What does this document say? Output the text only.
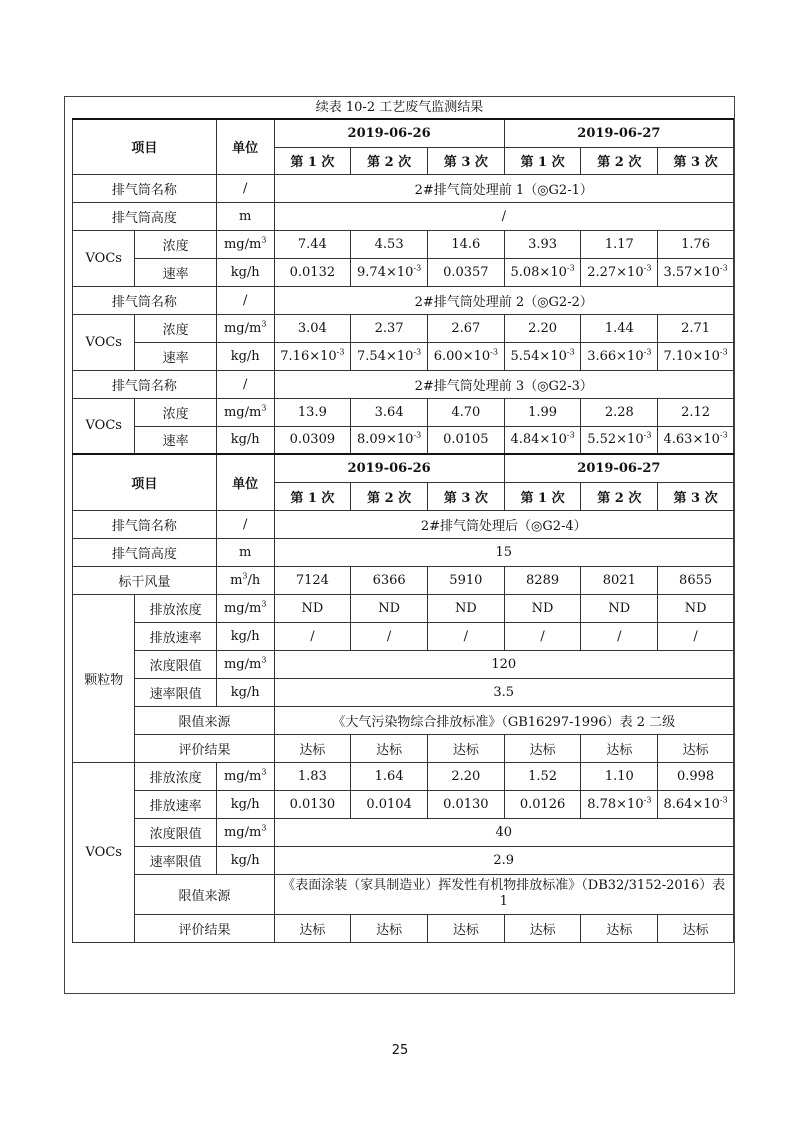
续表 10-2 工艺废气监测结果
项目		单位	2019-06-26			2019-06-27		
			第 1 次	第 2 次	第 3 次	第 1 次	第 2 次	第 3 次
排气筒名称		/	2#排气筒处理前 1（◎G2-1）					
排气筒高度		m	/					
VOCs	浓度	$mg/m^3$	7.44	4.53	14.6	3.93	1.17	1.76
	速率	kg/h	0.0132	$9.74\times 10^{-3}$	0.0357	$5.08\times 10^{-3}$	$2.27\times 10^{-3}$	$3.57\times 10^{-3}$
排气筒名称		/	2#排气筒处理前 2（◎G2-2）					
VOCs	浓度	$mg/m^3$	3.04	2.37	2.67	2.20	1.44	2.71
	速率	kg/h	$7.16\times 10^{-3}$	$7.54\times 10^{-3}$	$6.00\times 10^{-3}$	$5.54\times 10^{-3}$	$3.66\times 10^{-3}$	$7.10\times 10^{-3}$
排气筒名称		/	2#排气筒处理前 3（◎G2-3）					
VOCs	浓度	$mg/m^3$	13.9	3.64	4.70	1.99	2.28	2.12
	速率	kg/h	0.0309	$8.09\times 10^{-3}$	0.0105	$4.84\times 10^{-3}$	$5.52\times 10^{-3}$	$4.63\times 10^{-3}$
项目		单位	2019-06-26			2019-06-27		
			第 1 次	第 2 次	第 3 次	第 1 次	第 2 次	第 3 次
排气筒名称		/	2#排气筒处理后（◎G2-4）					
排气筒高度		m	15					
标干风量		$m^3/h$	7124	6366	5910	8289	8021	8655
颗粒物	排放浓度	$mg/m^3$	ND	ND	ND	ND	ND	ND
	排放速率	kg/h	/	/	/	/	/	/
	浓度限值	$mg/m^3$	120					
	速率限值	kg/h	3.5					
	限值来源		《大气污染物综合排放标准》（GB16297-1996）表 2 二级					
	评价结果		达标	达标	达标	达标	达标	达标
VOCs	排放浓度	$mg/m^3$	1.83	1.64	2.20	1.52	1.10	0.998
	排放速率	kg/h	0.0130	0.0104	0.0130	0.0126	$8.78\times 10^{-3}$	$8.64\times 10^{-3}$
	浓度限值	$mg/m^3$	40					
	速率限值	kg/h	2.9					
	限值来源		《表面涂装（家具制造业）挥发性有机物排放标准》（DB32/3152-2016）表 1					
	评价结果		达标	达标	达标	达标	达标	达标
25
